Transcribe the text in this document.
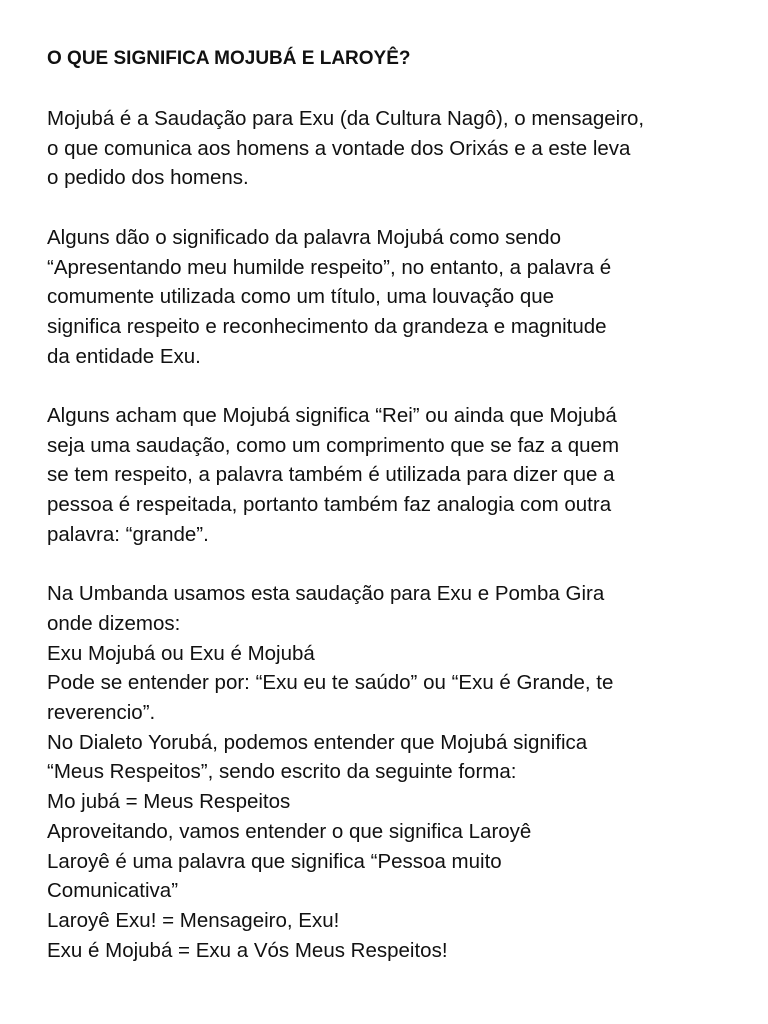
O QUE SIGNIFICA MOJUBÁ E LAROYÊ?
Mojubá é a Saudação para Exu (da Cultura Nagô), o mensageiro,
o que comunica aos homens a vontade dos Orixás e a este leva
o pedido dos homens.
Alguns dão o significado da palavra Mojubá como sendo
“Apresentando meu humilde respeito”, no entanto, a palavra é
comumente utilizada como um título, uma louvação que
significa respeito e reconhecimento da grandeza e magnitude
da entidade Exu.
Alguns acham que Mojubá significa “Rei” ou ainda que Mojubá
seja uma saudação, como um comprimento que se faz a quem
se tem respeito, a palavra também é utilizada para dizer que a
pessoa é respeitada, portanto também faz analogia com outra
palavra: “grande”.
Na Umbanda usamos esta saudação para Exu e Pomba Gira
onde dizemos:
Exu Mojubá ou Exu é Mojubá
Pode se entender por: “Exu eu te saúdo” ou “Exu é Grande, te
reverencio”.
No Dialeto Yorubá, podemos entender que Mojubá significa
“Meus Respeitos”, sendo escrito da seguinte forma:
Mo jubá = Meus Respeitos
Aproveitando, vamos entender o que significa Laroyê
Laroyê é uma palavra que significa “Pessoa muito
Comunicativa”
Laroyê Exu! = Mensageiro, Exu!
Exu é Mojubá = Exu a Vós Meus Respeitos!
